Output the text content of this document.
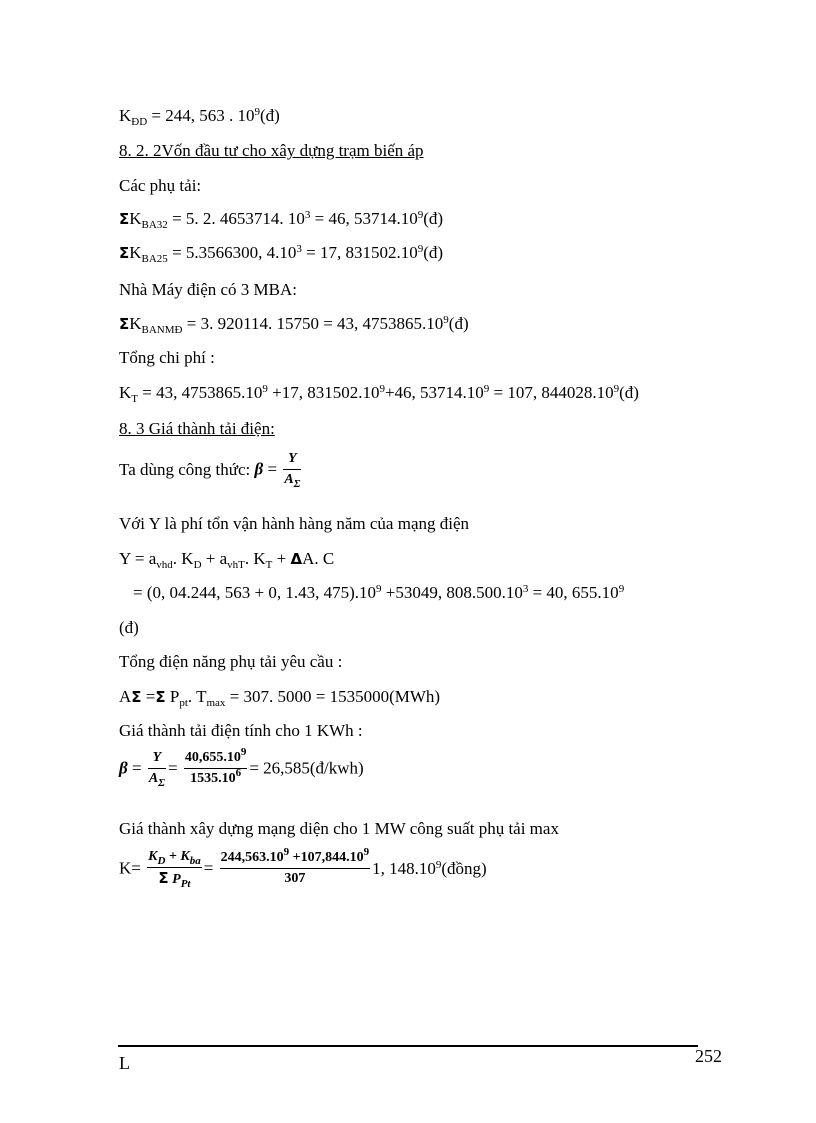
$K_{ĐD} = 244$, 563 . $10^9(đ)$
8. 2. 2Vốn đầu tư cho xây dựng trạm biến áp
Các phụ tải:
$\Sigma K_{BA32} = 5$. 2. 4653714. $10^3 = 46$, 53714.10$^9$(đ)
$\Sigma K_{BA25} = 5.3566300$, $4.10^3 = 17$, 831502.10$^9$(đ)
Nhà Máy điện có 3 MBA:
$\Sigma K_{BANMĐ} = 3$. 920114. 15750 = 43, 4753865.10$^9$(đ)
Tổng chi phí :
$K_T = 43$, $4753865.10^9 +17$, $831502.10^9+46$, $53714.10^9 = 107$, 844028.10$^9$(đ)
8. 3 Giá thành tải điện:
Ta dùng công thức: $\beta = \frac{Y}{A_\Sigma}$
Với Y là phí tổn vận hành hàng năm của mạng điện
$Y = a_{vhd}$. $K_D + a_{vhT}$. $K_T + \Delta A$. C
= (0, 04.244, 563 + 0, 1.43, $475).10^9 +53049$, $808.500.10^3 = 40$, 655.10$^9$
(đ)
Tổng điện năng phụ tải yêu cầu :
AΣ =Σ $P_{pt}$. $T_{max} = 307$. 5000 = 1535000(MWh)
Giá thành tải điện tính cho 1 KWh :
$\beta = \frac{Y}{A_\Sigma} = \frac{40,655.10^9}{1535.10^6}$ = 26,585(đ/kwh)
Giá thành xây dựng mạng diện cho 1 MW công suất phụ tải max
$K= \frac{K_D + K_{ba}}{\Sigma P_{Pt}} = \frac{244,563.10^9 +107,844.10^9}{307} 1$, 148.10$^9$(đồng)
L	252
